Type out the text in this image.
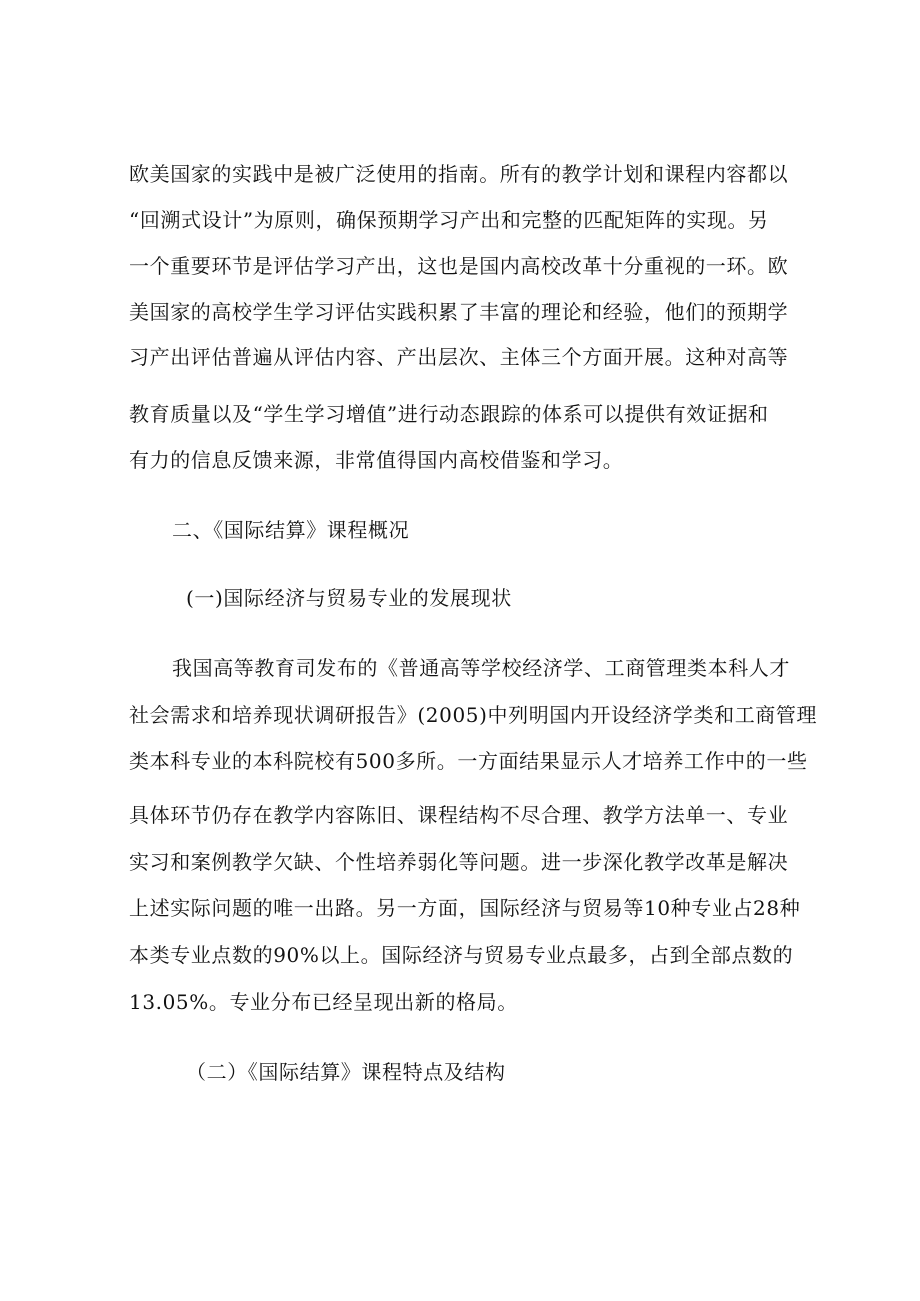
欧美国家的实践中是被广泛使用的指南。所有的教学计划和课程内容都以
“回溯式设计”为原则，确保预期学习产出和完整的匹配矩阵的实现。另
一个重要环节是评估学习产出，这也是国内高校改革十分重视的一环。欧
美国家的高校学生学习评估实践积累了丰富的理论和经验，他们的预期学
习产出评估普遍从评估内容、产出层次、主体三个方面开展。这种对高等
教育质量以及“学生学习增值”进行动态跟踪的体系可以提供有效证据和
有力的信息反馈来源，非常值得国内高校借鉴和学习。
二、《国际结算》课程概况
(一)国际经济与贸易专业的发展现状
我国高等教育司发布的《普通高等学校经济学、工商管理类本科人才
社会需求和培养现状调研报告》(2005)中列明国内开设经济学类和工商管理
类本科专业的本科院校有500多所。一方面结果显示人才培养工作中的一些
具体环节仍存在教学内容陈旧、课程结构不尽合理、教学方法单一、专业
实习和案例教学欠缺、个性培养弱化等问题。进一步深化教学改革是解决
上述实际问题的唯一出路。另一方面，国际经济与贸易等10种专业占28种
本类专业点数的90%以上。国际经济与贸易专业点最多，占到全部点数的
13.05%。专业分布已经呈现出新的格局。
（二）《国际结算》课程特点及结构
